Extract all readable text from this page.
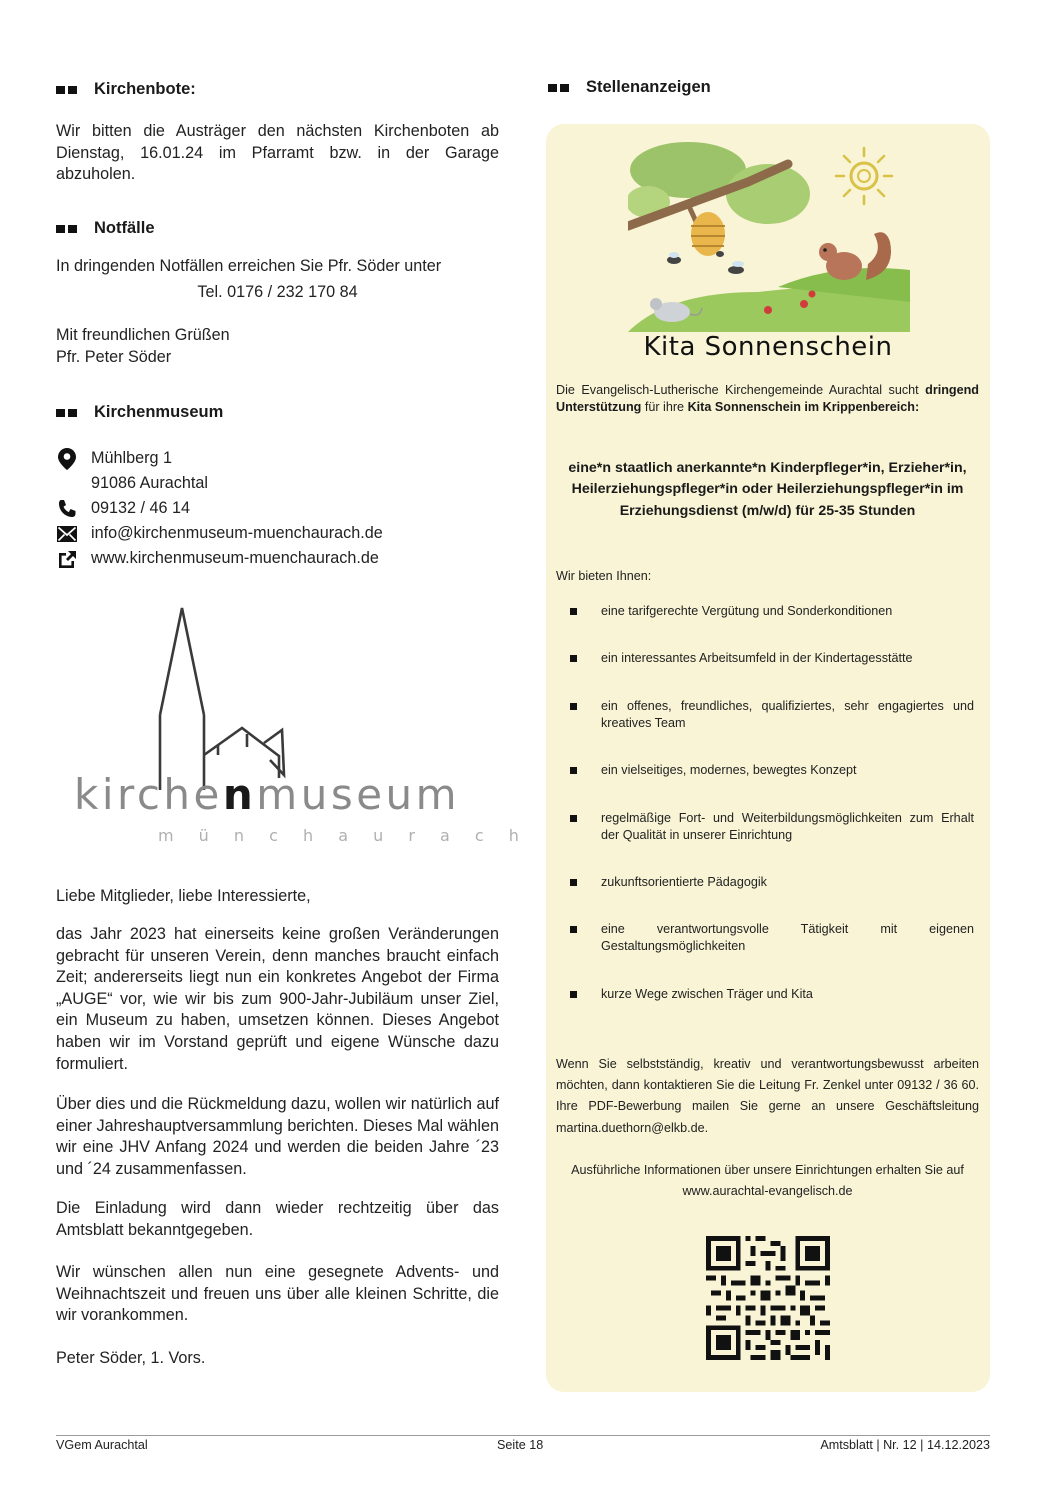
Kirchenbote:
Wir bitten die Austräger den nächsten Kirchenboten ab Dienstag, 16.01.24 im Pfarramt bzw. in der Garage abzuholen.
Notfälle
In dringenden Notfällen erreichen Sie Pfr. Söder unter
Tel. 0176 / 232 170 84
Mit freundlichen Grüßen
Pfr. Peter Söder
Kirchenmuseum
Mühlberg 1
91086 Aurachtal
09132 / 46 14
info@kirchenmuseum-muenchaurach.de
www.kirchenmuseum-muenchaurach.de
kirchenmuseum
m ü n c h a u r a c h
Liebe Mitglieder, liebe Interessierte,
das Jahr 2023 hat einerseits keine großen Veränderungen gebracht für unseren Verein, denn manches braucht einfach Zeit; andererseits liegt nun ein konkretes Angebot der Firma „AUGE“ vor, wie wir bis zum 900-Jahr-Jubiläum unser Ziel, ein Museum zu haben, umsetzen können. Dieses Angebot haben wir im Vorstand geprüft und eigene Wünsche dazu formuliert.
Über dies und die Rückmeldung dazu, wollen wir natürlich auf einer Jahreshauptversammlung berichten. Dieses Mal wählen wir eine JHV Anfang 2024 und werden die beiden Jahre ´23 und ´24 zusammenfassen.
Die Einladung wird dann wieder rechtzeitig über das Amtsblatt bekanntgegeben.
Wir wünschen allen nun eine gesegnete Advents- und Weihnachtszeit und freuen uns über alle kleinen Schritte, die wir vorankommen.
Peter Söder, 1. Vors.
Stellenanzeigen
Kita Sonnenschein
Die Evangelisch-Lutherische Kirchengemeinde Aurachtal sucht dringend Unterstützung für ihre Kita Sonnenschein im Krippenbereich:
eine*n staatlich anerkannte*n Kinderpfleger*in, Erzieher*in, Heilerziehungspfleger*in oder Heilerziehungspfleger*in im Erziehungsdienst (m/w/d) für 25-35 Stunden
Wir bieten Ihnen:
eine tarifgerechte Vergütung und Sonderkonditionen
ein interessantes Arbeitsumfeld in der Kindertagesstätte
ein offenes, freundliches, qualifiziertes, sehr engagiertes und kreatives Team
ein vielseitiges, modernes, bewegtes Konzept
regelmäßige Fort- und Weiterbildungsmöglichkeiten zum Erhalt der Qualität in unserer Einrichtung
zukunftsorientierte Pädagogik
eine verantwortungsvolle Tätigkeit mit eigenen Gestaltungsmöglichkeiten
kurze Wege zwischen Träger und Kita
Wenn Sie selbstständig, kreativ und verantwortungsbewusst arbeiten möchten, dann kontaktieren Sie die Leitung Fr. Zenkel unter 09132 / 36 60. Ihre PDF-Bewerbung mailen Sie gerne an unsere Geschäftsleitung martina.duethorn@elkb.de.
Ausführliche Informationen über unsere Einrichtungen erhalten Sie auf www.aurachtal-evangelisch.de
VGem Aurachtal	Seite 18	Amtsblatt | Nr. 12 | 14.12.2023
